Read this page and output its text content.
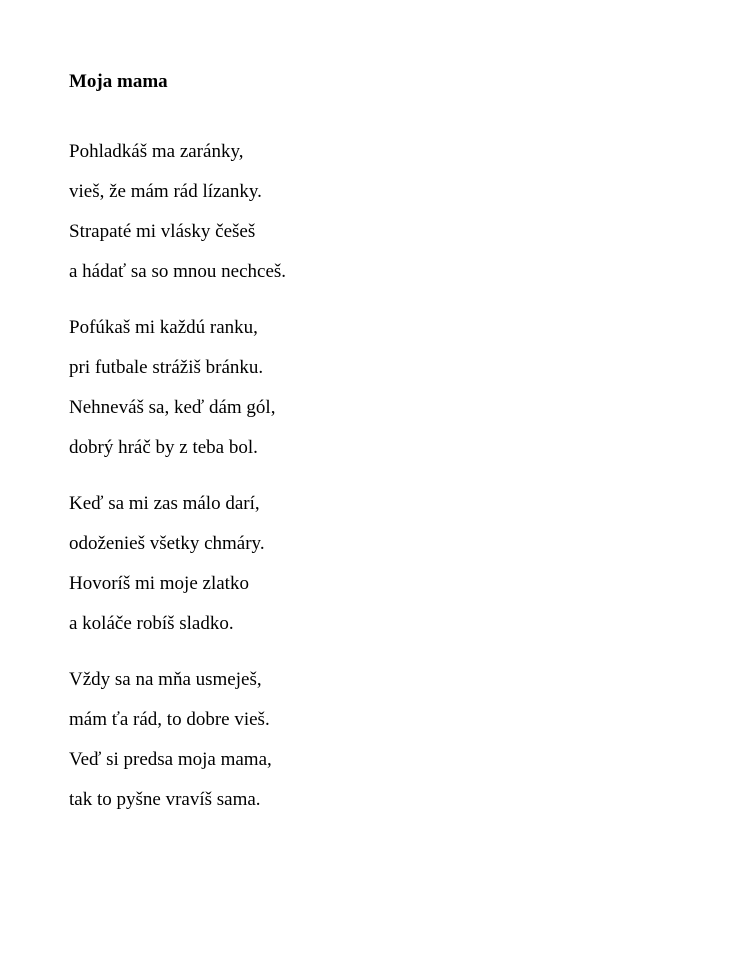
Moja mama
Pohladkáš ma zaránky,
vieš, že mám rád lízanky.
Strapaté mi vlásky češeš
a hádať sa so mnou nechceš.
Pofúkaš mi každú ranku,
pri futbale strážiš bránku.
Nehneváš sa, keď dám gól,
dobrý hráč by z teba bol.
Keď sa mi zas málo darí,
odoženieš všetky chmáry.
Hovoríš mi moje zlatko
a koláče robíš sladko.
Vždy sa na mňa usmeješ,
mám ťa rád, to dobre vieš.
Veď si predsa moja mama,
tak to pyšne vravíš sama.
